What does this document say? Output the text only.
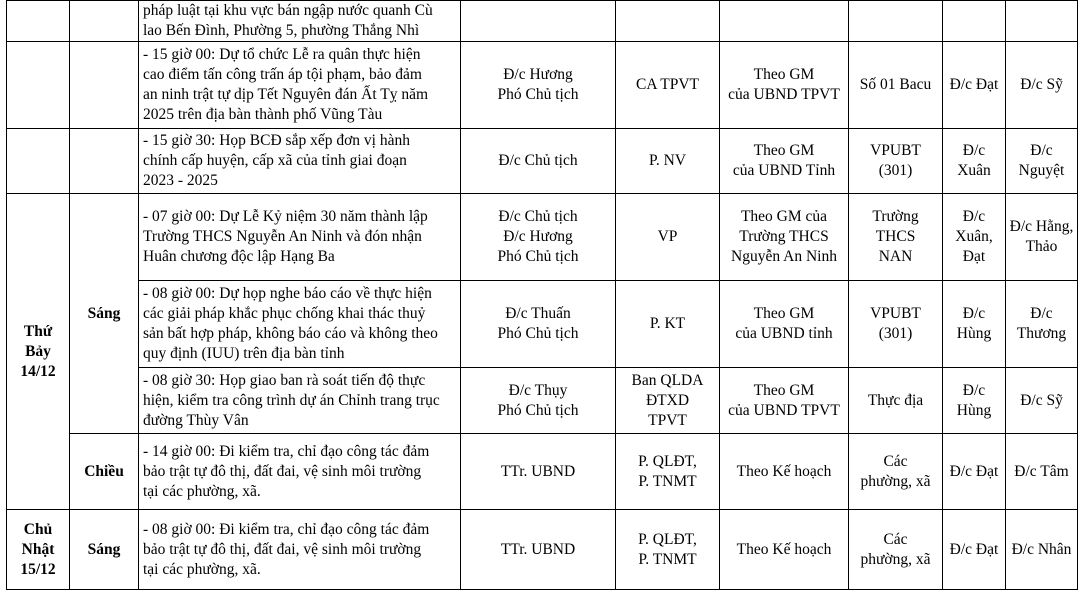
		pháp luật tại khu vực bán ngập nước quanh Cù
lao Bến Đình, Phường 5, phường Thắng Nhì						

		- 15 giờ 00: Dự tổ chức Lễ ra quân thực hiện
cao điểm tấn công trấn áp tội phạm, bảo đảm
an ninh trật tự dịp Tết Nguyên đán Ất Tỵ năm
2025 trên địa bàn thành phố Vũng Tàu	Đ/c Hương
Phó Chủ tịch	CA TPVT	Theo GM
của UBND TPVT	Số 01 Bacu	Đ/c Đạt	Đ/c Sỹ

		- 15 giờ 30: Họp BCĐ sắp xếp đơn vị hành
chính cấp huyện, cấp xã của tỉnh giai đoạn
2023 - 2025	Đ/c Chủ tịch	P. NV	Theo GM
của UBND Tỉnh	VPUBT
(301)	Đ/c
Xuân	Đ/c
Nguyệt

Thứ
Bảy
14/12	Sáng	- 07 giờ 00: Dự Lễ Kỷ niệm 30 năm thành lập
Trường THCS Nguyễn An Ninh và đón nhận
Huân chương độc lập Hạng Ba	Đ/c Chủ tịch
Đ/c Hương
Phó Chủ tịch	VP	Theo GM của
Trường THCS
Nguyễn An Ninh	Trường
THCS
NAN	Đ/c
Xuân,
Đạt	Đ/c Hằng,
Thảo

		- 08 giờ 00: Dự họp nghe báo cáo về thực hiện
các giải pháp khắc phục chống khai thác thuỷ
sản bất hợp pháp, không báo cáo và không theo
quy định (IUU) trên địa bàn tỉnh	Đ/c Thuấn
Phó Chủ tịch	P. KT	Theo GM
của UBND tỉnh	VPUBT
(301)	Đ/c
Hùng	Đ/c
Thương

		- 08 giờ 30: Họp giao ban rà soát tiến độ thực
hiện, kiểm tra công trình dự án Chỉnh trang trục
đường Thùy Vân	Đ/c Thụy
Phó Chủ tịch	Ban QLDA
ĐTXD
TPVT	Theo GM
của UBND TPVT	Thực địa	Đ/c
Hùng	Đ/c Sỹ

	Chiều	- 14 giờ 00: Đi kiểm tra, chỉ đạo công tác đảm
bảo trật tự đô thị, đất đai, vệ sinh môi trường
tại các phường, xã.	TTr. UBND	P. QLĐT,
P. TNMT	Theo Kế hoạch	Các
phường, xã	Đ/c Đạt	Đ/c Tâm

Chủ
Nhật
15/12	Sáng	- 08 giờ 00: Đi kiểm tra, chỉ đạo công tác đảm
bảo trật tự đô thị, đất đai, vệ sinh môi trường
tại các phường, xã.	TTr. UBND	P. QLĐT,
P. TNMT	Theo Kế hoạch	Các
phường, xã	Đ/c Đạt	Đ/c Nhân
